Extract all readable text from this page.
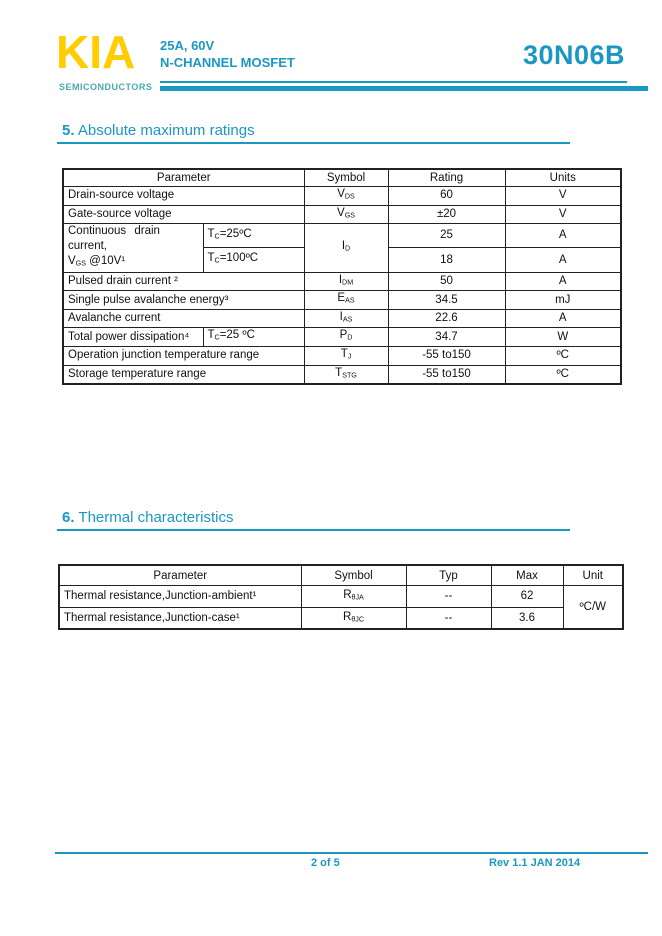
KIA
SEMICONDUCTORS
25A, 60V
N-CHANNEL MOSFET	30N06B
5. Absolute maximum ratings
Parameter		Symbol	Rating	Units
Drain-source voltage		$V_{DS}$	60	V
Gate-source voltage		$V_{GS}$	±20	V

Continuous drain current,
$V_{GS}$ @10V¹	$T_C=25ºC$	$I_D$	25	A
	$T_C=100ºC$		18	A
Pulsed drain current ²		$I_{DM}$	50	A
Single pulse avalanche energy³		$E_{AS}$	34.5	mJ
Avalanche current		$I_{AS}$	22.6	A
Total power dissipation⁴	$T_C=25$ ºC	$P_D$	34.7	W
Operation junction temperature range		$T_J$	-55 to150	ºC
Storage temperature range		$T_{STG}$	-55 to150	ºC
6. Thermal characteristics
Parameter	Symbol	Typ	Max	Unit
Thermal resistance,Junction-ambient¹	$R_{\theta JA}$	--	62	ºC/W
Thermal resistance,Junction-case¹	$R_{\theta JC}$	--	3.6	
2 of 5	Rev 1.1 JAN 2014
